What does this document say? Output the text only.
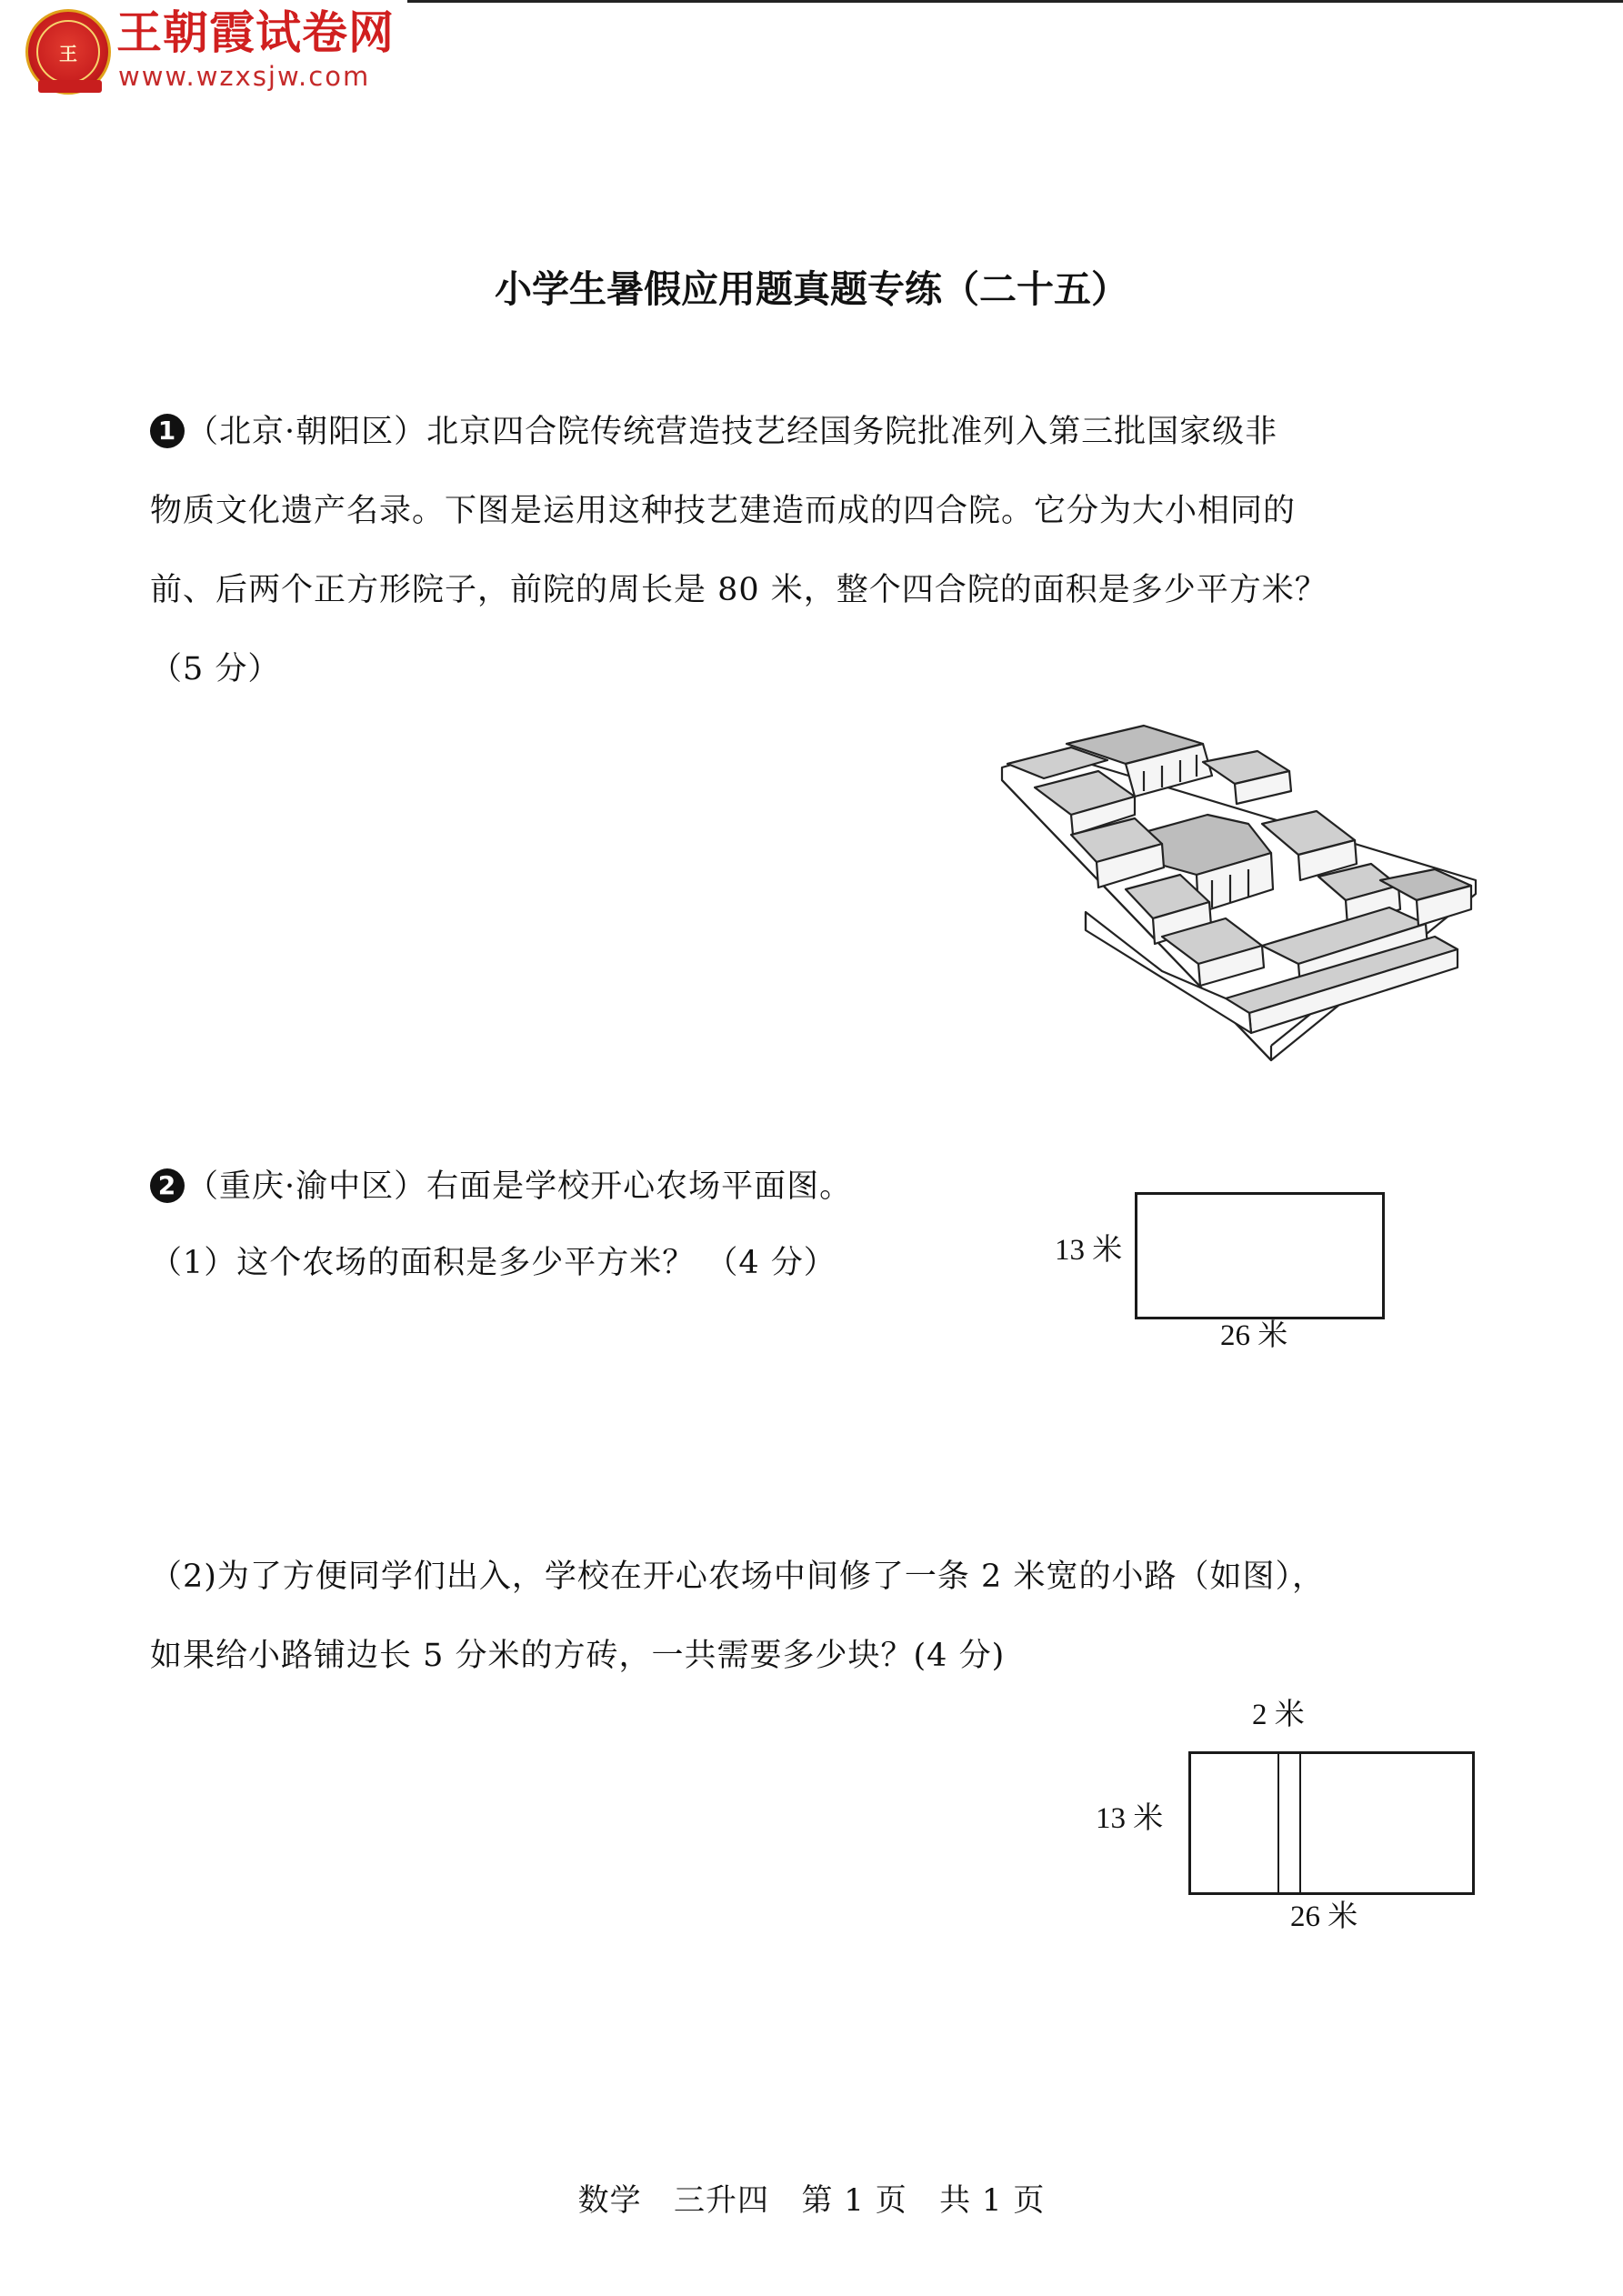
王 王朝霞试卷网
www.wzxsjw.com
小学生暑假应用题真题专练（二十五）
1 （北京·朝阳区）北京四合院传统营造技艺经国务院批准列入第三批国家级非
物质文化遗产名录。下图是运用这种技艺建造而成的四合院。它分为大小相同的
前、后两个正方形院子，前院的周长是 80 米，整个四合院的面积是多少平方米？
（5 分）
2 （重庆·渝中区）右面是学校开心农场平面图。
（1）这个农场的面积是多少平方米？ （4 分）	13 米
26 米
（2)为了方便同学们出入，学校在开心农场中间修了一条 2 米宽的小路（如图），
如果给小路铺边长 5 分米的方砖，一共需要多少块？(4 分)
2 米
13 米
26 米
数学   三升四   第 1 页   共 1 页
